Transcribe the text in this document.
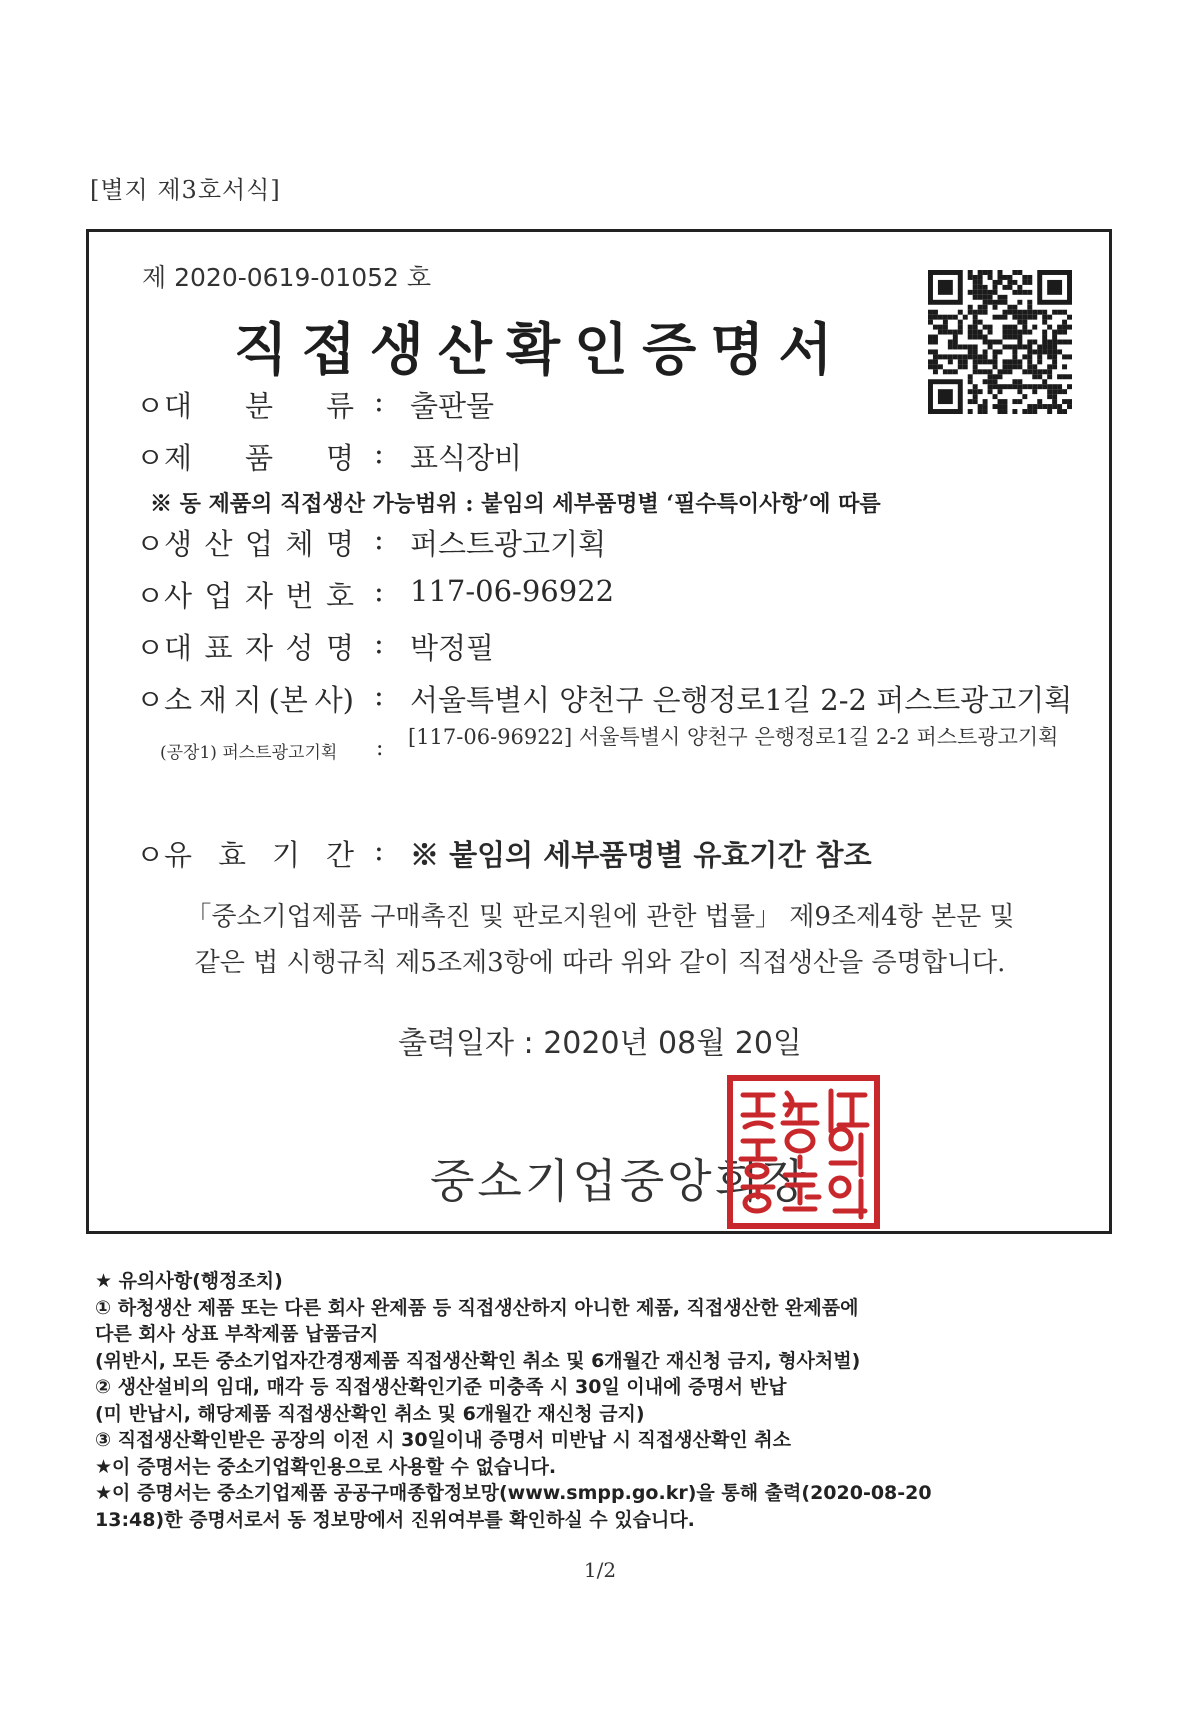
[별지 제3호서식]
제 2020-0619-01052 호
직접생산확인증명서
ㅇ 대 분 류 : 출판물
ㅇ 제 품 명 : 표식장비
※ 동 제품의 직접생산 가능범위 : 붙임의 세부품명별 ‘필수특이사항’에 따름
ㅇ 생 산 업 체 명 : 퍼스트광고기획
ㅇ 사 업 자 번 호 : 117-06-96922
ㅇ 대 표 자 성 명 : 박정필
ㅇ 소 재 지 (본 사) : 서울특별시 양천구 은행정로1길 2-2 퍼스트광고기획
(공장1) 퍼스트광고기획 : [117-06-96922] 서울특별시 양천구 은행정로1길 2-2 퍼스트광고기획
ㅇ 유 효 기 간 : ※ 붙임의 세부품명별 유효기간 참조
「중소기업제품 구매촉진 및 판로지원에 관한 법률」 제9조제4항 본문 및
같은 법 시행규칙 제5조제3항에 따라 위와 같이 직접생산을 증명합니다.
출력일자 : 2020년 08월 20일
중소기업중앙회장
★ 유의사항(행정조치)
① 하청생산 제품 또는 다른 회사 완제품 등 직접생산하지 아니한 제품, 직접생산한 완제품에
다른 회사 상표 부착제품 납품금지
(위반시, 모든 중소기업자간경쟁제품 직접생산확인 취소 및 6개월간 재신청 금지, 형사처벌)
② 생산설비의 임대, 매각 등 직접생산확인기준 미충족 시 30일 이내에 증명서 반납
(미 반납시, 해당제품 직접생산확인 취소 및 6개월간 재신청 금지)
③ 직접생산확인받은 공장의 이전 시 30일이내 증명서 미반납 시 직접생산확인 취소
★이 증명서는 중소기업확인용으로 사용할 수 없습니다.
★이 증명서는 중소기업제품 공공구매종합정보망(www.smpp.go.kr)을 통해 출력(2020-08-20
13:48)한 증명서로서 동 정보망에서 진위여부를 확인하실 수 있습니다.
1/2
